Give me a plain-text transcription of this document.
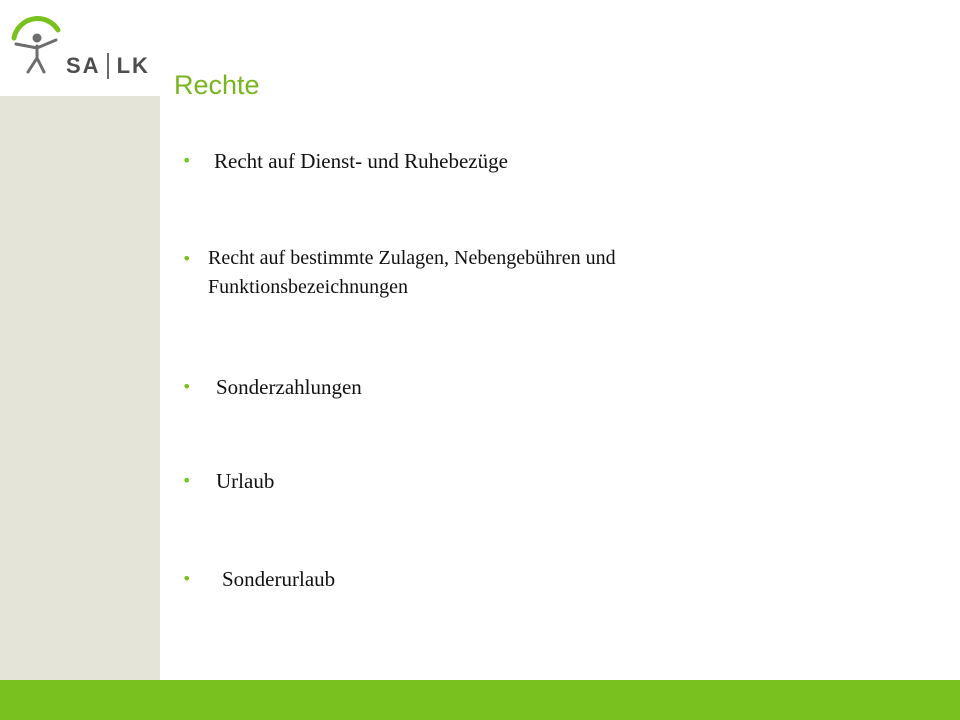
SA LK
Rechte
•	Recht auf Dienst- und Ruhebezüge
• Recht auf bestimmte Zulagen, Nebengebühren und Funktionsbezeichnungen
•	Sonderzahlungen
•	Urlaub
•	Sonderurlaub
